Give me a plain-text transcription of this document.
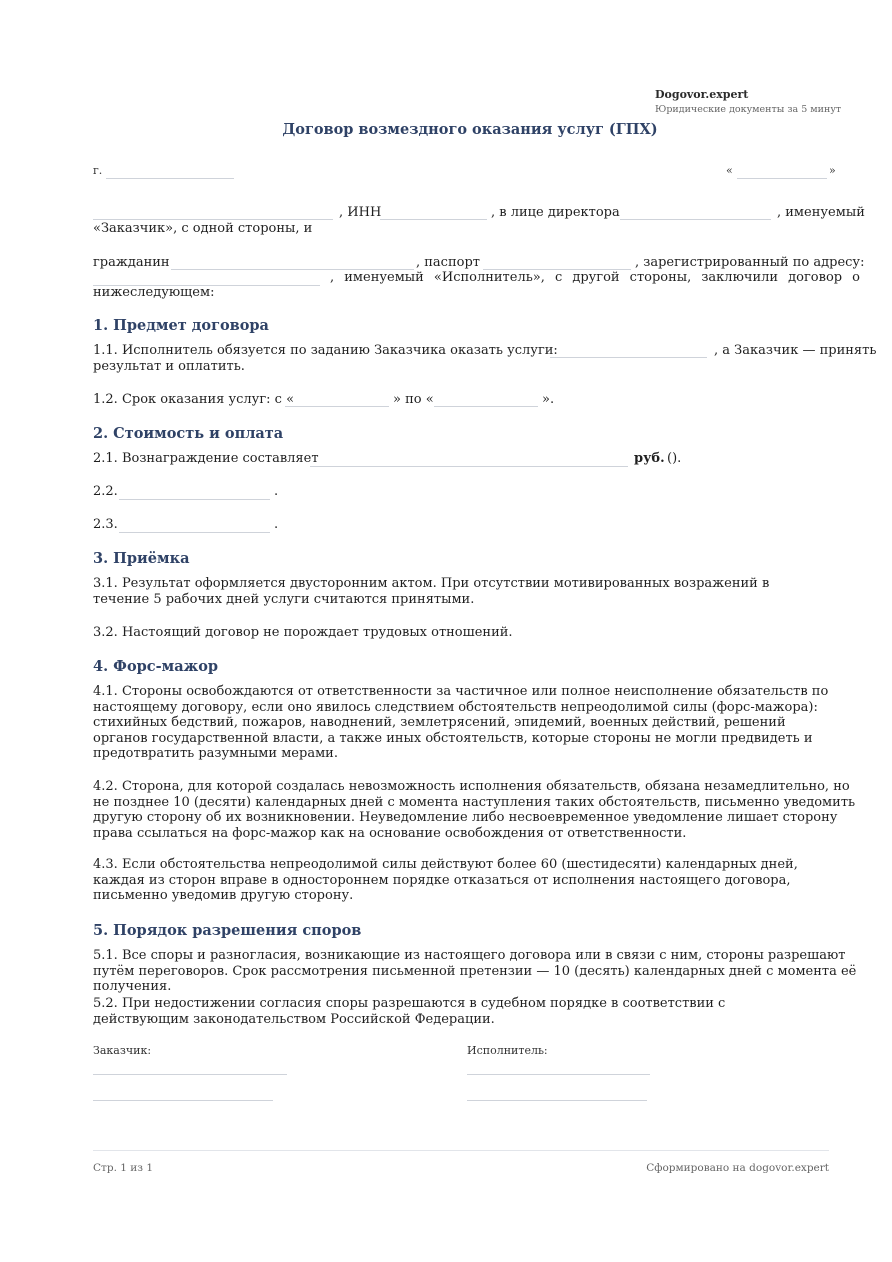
Dogovor.expert
Юридические документы за 5 минут
Договор возмездного оказания услуг (ГПХ)
г.	«	»
, ИНН	, в лице директора	, именуемый
«Заказчик», с одной стороны, и
гражданин	, паспорт	, зарегистрированный по адресу:
, именуемый «Исполнитель», с другой стороны, заключили договор о
нижеследующем:
1. Предмет договора
1.1. Исполнитель обязуется по заданию Заказчика оказать услуги:	, а Заказчик — принять
результат и оплатить.
1.2. Срок оказания услуг: с «	» по «	».
2. Стоимость и оплата
2.1. Вознаграждение составляет	руб. ().
2.2.	.
2.3.	.
3. Приёмка
3.1. Результат оформляется двусторонним актом. При отсутствии мотивированных возражений в течение 5 рабочих дней услуги считаются принятыми.
3.2. Настоящий договор не порождает трудовых отношений.
4. Форс-мажор
4.1. Стороны освобождаются от ответственности за частичное или полное неисполнение обязательств по настоящему договору, если оно явилось следствием обстоятельств непреодолимой силы (форс-мажора): стихийных бедствий, пожаров, наводнений, землетрясений, эпидемий, военных действий, решений органов государственной власти, а также иных обстоятельств, которые стороны не могли предвидеть и предотвратить разумными мерами.
4.2. Сторона, для которой создалась невозможность исполнения обязательств, обязана незамедлительно, но не позднее 10 (десяти) календарных дней с момента наступления таких обстоятельств, письменно уведомить другую сторону об их возникновении. Неуведомление либо несвоевременное уведомление лишает сторону права ссылаться на форс-мажор как на основание освобождения от ответственности.
4.3. Если обстоятельства непреодолимой силы действуют более 60 (шестидесяти) календарных дней, каждая из сторон вправе в одностороннем порядке отказаться от исполнения настоящего договора, письменно уведомив другую сторону.
5. Порядок разрешения споров
5.1. Все споры и разногласия, возникающие из настоящего договора или в связи с ним, стороны разрешают путём переговоров. Срок рассмотрения письменной претензии — 10 (десять) календарных дней с момента её получения.
5.2. При недостижении согласия споры разрешаются в судебном порядке в соответствии с действующим законодательством Российской Федерации.
Заказчик:	Исполнитель:
Стр. 1 из 1	Сформировано на dogovor.expert
